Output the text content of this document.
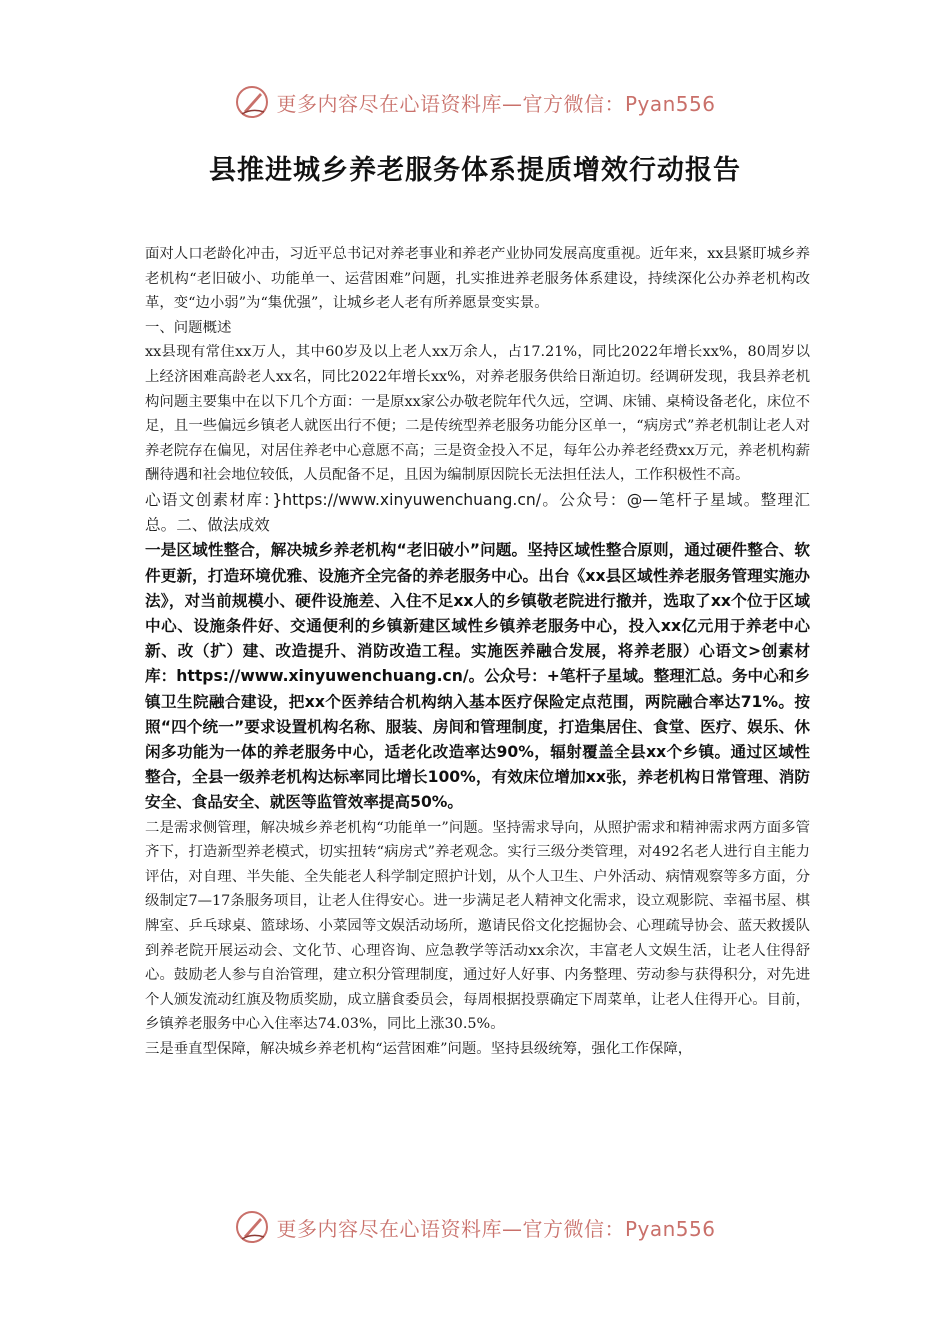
更多内容尽在心语资料库—官方微信：Pyan556
县推进城乡养老服务体系提质增效行动报告

面对人口老龄化冲击，习近平总书记对养老事业和养老产业协同发展高度重视。近年来，xx县紧盯城乡养老机构“老旧破小、功能单一、运营困难”问题，扎实推进养老服务体系建设，持续深化公办养老机构改革，变“边小弱”为“集优强”，让城乡老人老有所养愿景变实景。

一、问题概述

xx县现有常住xx万人，其中60岁及以上老人xx万余人，占17.21%，同比2022年增长xx%，80周岁以上经济困难高龄老人xx名，同比2022年增长xx%，对养老服务供给日渐迫切。经调研发现，我县养老机构问题主要集中在以下几个方面：一是原xx家公办敬老院年代久远，空调、床铺、桌椅设备老化，床位不足，且一些偏远乡镇老人就医出行不便；二是传统型养老服务功能分区单一，“病房式”养老机制让老人对养老院存在偏见，对居住养老中心意愿不高；三是资金投入不足，每年公办养老经费xx万元，养老机构薪酬待遇和社会地位较低，人员配备不足，且因为编制原因院长无法担任法人，工作积极性不高。

心语文创素材库：}https://www.xinyuwenchuang.cn/。公众号：@—笔杆子星域。整理汇总。二、做法成效

一是区域性整合，解决城乡养老机构“老旧破小”问题。坚持区域性整合原则，通过硬件整合、软件更新，打造环境优雅、设施齐全完备的养老服务中心。出台《xx县区域性养老服务管理实施办法》，对当前规模小、硬件设施差、入住不足xx人的乡镇敬老院进行撤并，选取了xx个位于区域中心、设施条件好、交通便利的乡镇新建区域性乡镇养老服务中心，投入xx亿元用于养老中心新、改（扩）建、改造提升、消防改造工程。实施医养融合发展，将养老服）心语文>创素材库：https://www.xinyuwenchuang.cn/。公众号：+笔杆子星域。整理汇总。务中心和乡镇卫生院融合建设，把xx个医养结合机构纳入基本医疗保险定点范围，两院融合率达71%。按照“四个统一”要求设置机构名称、服装、房间和管理制度，打造集居住、食堂、医疗、娱乐、休闲多功能为一体的养老服务中心，适老化改造率达90%，辐射覆盖全县xx个乡镇。通过区域性整合，全县一级养老机构达标率同比增长100%，有效床位增加xx张，养老机构日常管理、消防安全、食品安全、就医等监管效率提高50%。

二是需求侧管理，解决城乡养老机构“功能单一”问题。坚持需求导向，从照护需求和精神需求两方面多管齐下，打造新型养老模式，切实扭转“病房式”养老观念。实行三级分类管理，对492名老人进行自主能力评估，对自理、半失能、全失能老人科学制定照护计划，从个人卫生、户外活动、病情观察等多方面，分级制定7—17条服务项目，让老人住得安心。进一步满足老人精神文化需求，设立观影院、幸福书屋、棋牌室、乒乓球桌、篮球场、小菜园等文娱活动场所，邀请民俗文化挖掘协会、心理疏导协会、蓝天救援队到养老院开展运动会、文化节、心理咨询、应急教学等活动xx余次，丰富老人文娱生活，让老人住得舒心。鼓励老人参与自治管理，建立积分管理制度，通过好人好事、内务整理、劳动参与获得积分，对先进个人颁发流动红旗及物质奖励，成立膳食委员会，每周根据投票确定下周菜单，让老人住得开心。目前，乡镇养老服务中心入住率达74.03%，同比上涨30.5%。

三是垂直型保障，解决城乡养老机构“运营困难”问题。坚持县级统筹，强化工作保障，

更多内容尽在心语资料库—官方微信：Pyan556
